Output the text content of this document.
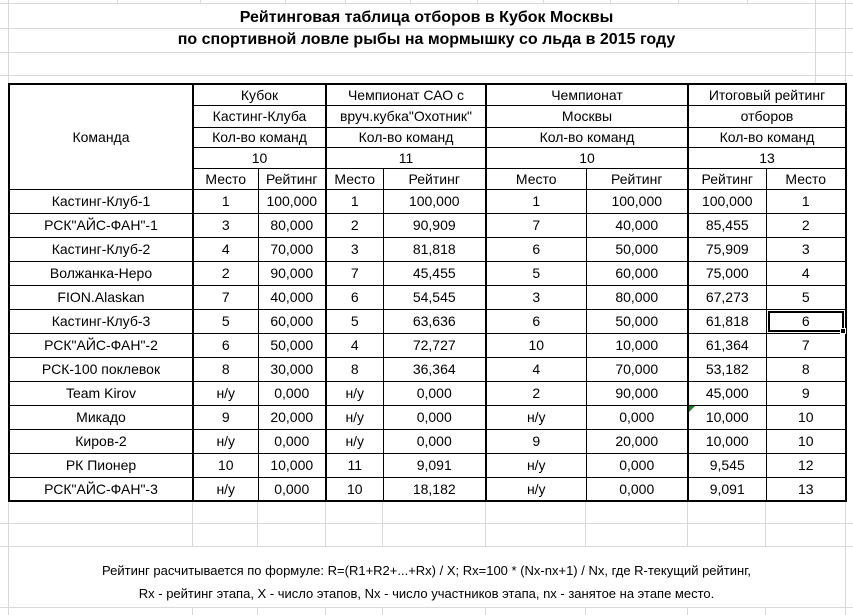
Рейтинговая таблица отборов в Кубок Москвы
по спортивной ловле рыбы на мормышку со льда в 2015 году
Команда	Кубок		Чемпионат САО с		Чемпионат		Итоговый рейтинг	
	Кастинг-Клуба		вруч.кубка"Охотник"		Москвы		отборов	
	Кол-во команд		Кол-во команд		Кол-во команд		Кол-во команд	
	10		11		10		13	
	Место	Рейтинг	Место	Рейтинг	Место	Рейтинг	Рейтинг	Место
Кастинг-Клуб-1	1	100,000	1	100,000	1	100,000	100,000	1
РСК"АЙС-ФАН"-1	3	80,000	2	90,909	7	40,000	85,455	2
Кастинг-Клуб-2	4	70,000	3	81,818	6	50,000	75,909	3
Волжанка-Неро	2	90,000	7	45,455	5	60,000	75,000	4
FION.Alaskan	7	40,000	6	54,545	3	80,000	67,273	5
Кастинг-Клуб-3	5	60,000	5	63,636	6	50,000	61,818	6

РСК"АЙС-ФАН"-2	6	50,000	4	72,727	10	10,000	61,364	7
РСК-100 поклевок	8	30,000	8	36,364	4	70,000	53,182	8
Team Kirov	н/у	0,000	н/у	0,000	2	90,000	45,000	9
Микадо	9	20,000	н/у	0,000	н/у	0,000	10,000	10
Киров-2	н/у	0,000	н/у	0,000	9	20,000	10,000	10
РК Пионер	10	10,000	11	9,091	н/у	0,000	9,545	12
РСК"АЙС-ФАН"-3	н/у	0,000	10	18,182	н/у	0,000	9,091	13
Рейтинг расчитывается по формуле: R=(R1+R2+...+Rx) / X; Rx=100 * (Nx-nx+1) / Nx, где R-текущий рейтинг,
Rx - рейтинг этапа, X - число этапов, Nx - число участников этапа, nx - занятое на этапе место.
